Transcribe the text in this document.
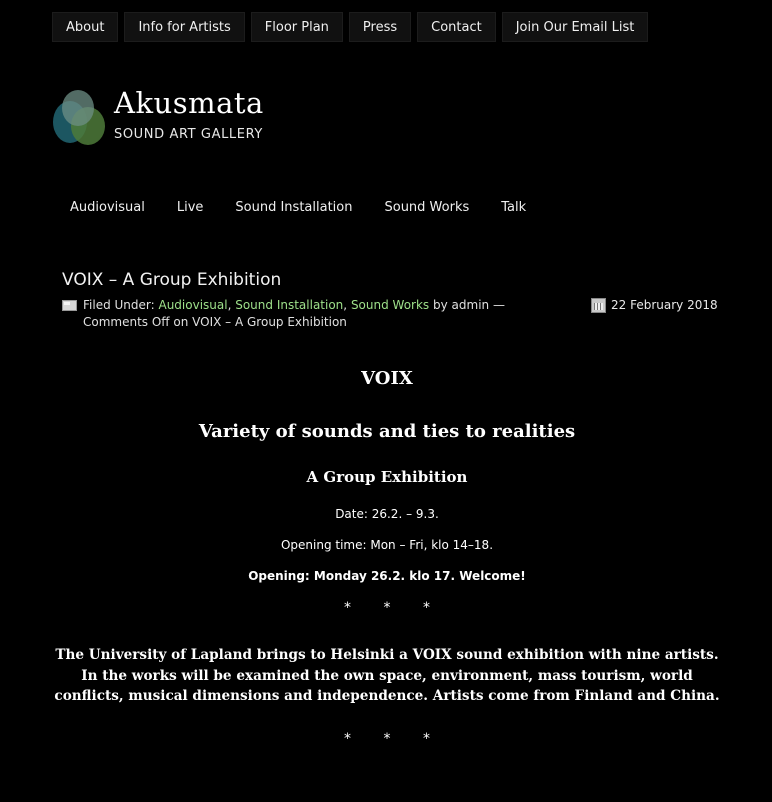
About	Info for Artists	Floor Plan	Press	Contact	Join Our Email List
Akusmata
SOUND ART GALLERY
Audiovisual	Live	Sound Installation	Sound Works	Talk
VOIX – A Group Exhibition
Filed Under: Audiovisual, Sound Installation, Sound Works by admin — Comments Off on VOIX – A Group Exhibition
22 February 2018
VOIX
Variety of sounds and ties to realities
A Group Exhibition
Date: 26.2. – 9.3.
Opening time: Mon – Fri, klo 14–18.
Opening: Monday 26.2. klo 17. Welcome!
* * *
The University of Lapland brings to Helsinki a VOIX sound exhibition with nine artists. In the works will be examined the own space, environment, mass tourism, world conflicts, musical dimensions and independence. Artists come from Finland and China.
* * *
